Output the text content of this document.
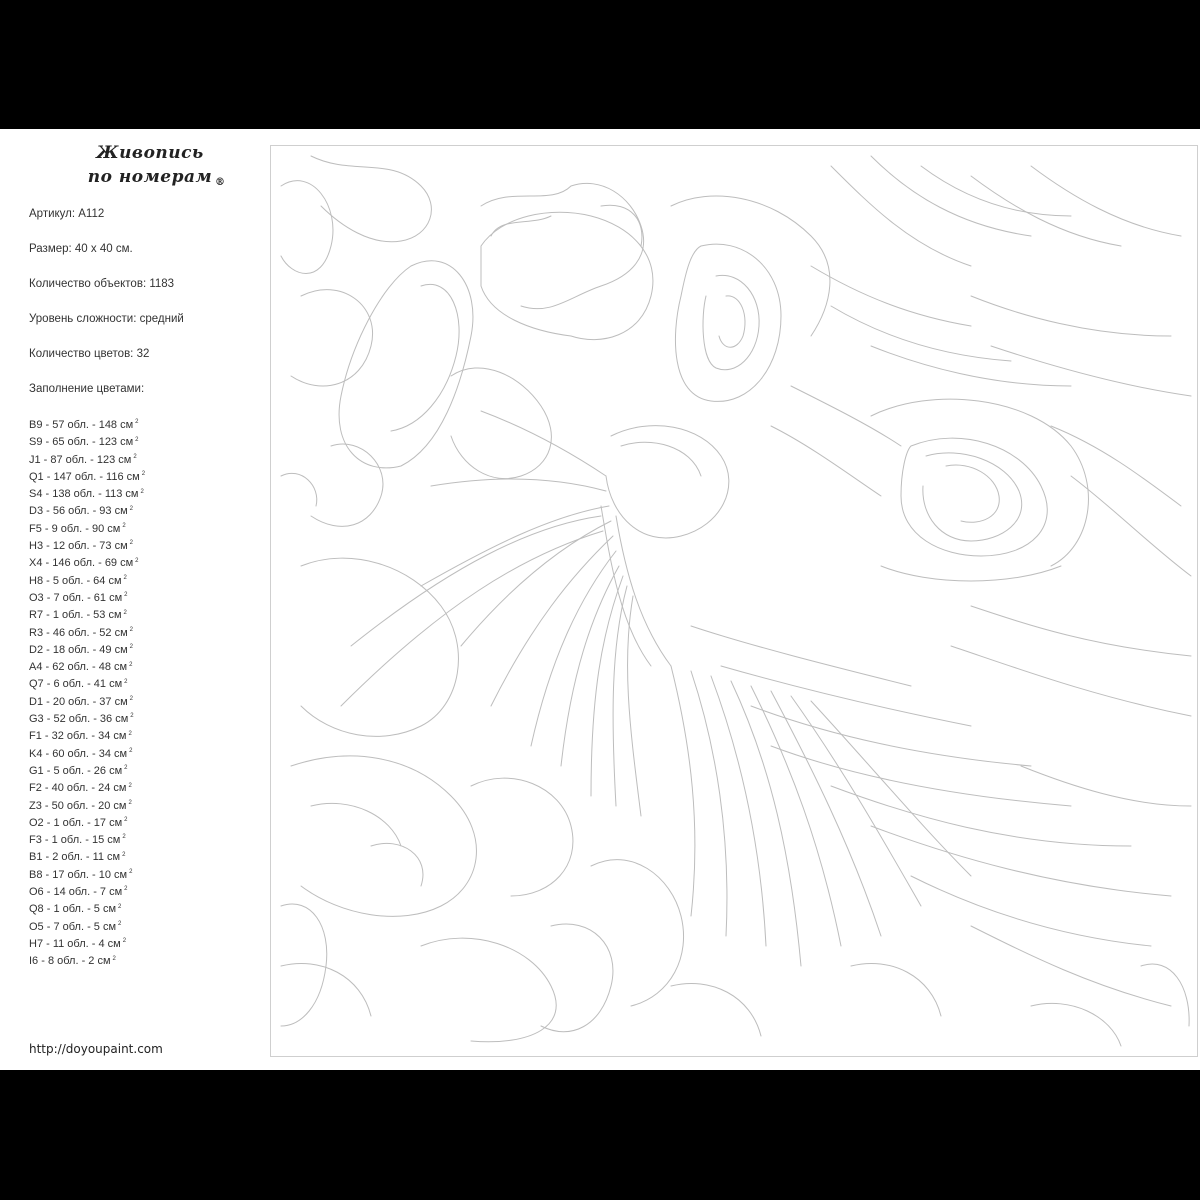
Живопись
по номерам ®
Артикул: A112
Размер: 40 х 40 см.
Количество объектов: 1183
Уровень сложности: средний
Количество цветов: 32
Заполнение цветами:
B9 - 57 обл. - 148 см $^2$
S9 - 65 обл. - 123 см $^2$
J1 - 87 обл. - 123 см $^2$
Q1 - 147 обл. - 116 см $^2$
S4 - 138 обл. - 113 см $^2$
D3 - 56 обл. - 93 см $^2$
F5 - 9 обл. - 90 см $^2$
H3 - 12 обл. - 73 см $^2$
X4 - 146 обл. - 69 см $^2$
H8 - 5 обл. - 64 см $^2$
O3 - 7 обл. - 61 см $^2$
R7 - 1 обл. - 53 см $^2$
R3 - 46 обл. - 52 см $^2$
D2 - 18 обл. - 49 см $^2$
A4 - 62 обл. - 48 см $^2$
Q7 - 6 обл. - 41 см $^2$
D1 - 20 обл. - 37 см $^2$
G3 - 52 обл. - 36 см $^2$
F1 - 32 обл. - 34 см $^2$
K4 - 60 обл. - 34 см $^2$
G1 - 5 обл. - 26 см $^2$
F2 - 40 обл. - 24 см $^2$
Z3 - 50 обл. - 20 см $^2$
O2 - 1 обл. - 17 см $^2$
F3 - 1 обл. - 15 см $^2$
B1 - 2 обл. - 11 см $^2$
B8 - 17 обл. - 10 см $^2$
O6 - 14 обл. - 7 см $^2$
Q8 - 1 обл. - 5 см $^2$
O5 - 7 обл. - 5 см $^2$
H7 - 11 обл. - 4 см $^2$
I6 - 8 обл. - 2 см $^2$
http://doyoupaint.com
